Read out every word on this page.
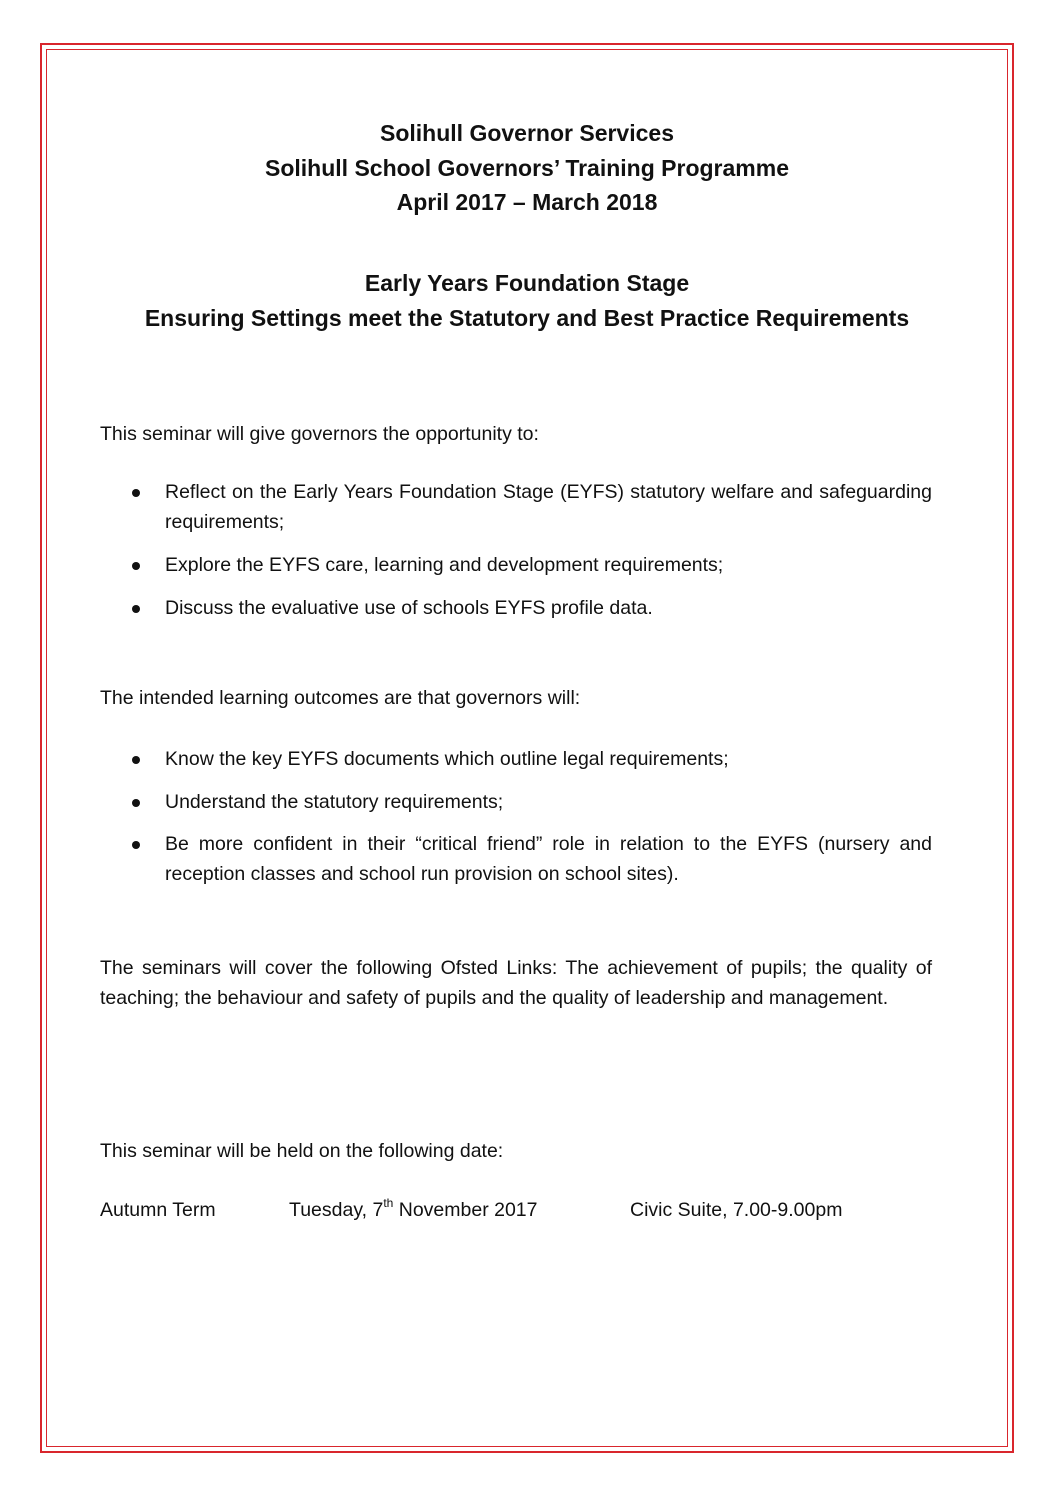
Solihull Governor Services
Solihull School Governors’ Training Programme
April 2017 – March 2018
Early Years Foundation Stage
Ensuring Settings meet the Statutory and Best Practice Requirements
This seminar will give governors the opportunity to:
Reflect on the Early Years Foundation Stage (EYFS) statutory welfare and safeguarding requirements;
Explore the EYFS care, learning and development requirements;
Discuss the evaluative use of schools EYFS profile data.
The intended learning outcomes are that governors will:
Know the key EYFS documents which outline legal requirements;
Understand the statutory requirements;
Be more confident in their “critical friend” role in relation to the EYFS (nursery and reception classes and school run provision on school sites).
The seminars will cover the following Ofsted Links: The achievement of pupils; the quality of teaching; the behaviour and safety of pupils and the quality of leadership and management.
This seminar will be held on the following date:
Autumn Term	Tuesday, 7th November 2017	Civic Suite, 7.00-9.00pm
